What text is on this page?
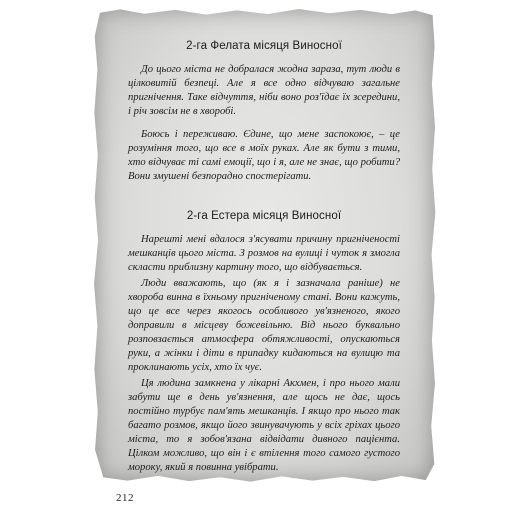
2-га Фелата місяця Виносної

До цього міста не добралася жодна зараза, тут люди в цілковитій безпеці. Але я все одно відчуваю загальне пригнічення. Таке відчуття, ніби воно роз'їдає їх зсередини, і річ зовсім не в хворобі.

Боюсь і переживаю. Єдине, що мене заспокоює, – це розуміння того, що все в моїх руках. Але як бути з тими, хто відчуває ті самі емоції, що і я, але не знає, що робити? Вони змушені безпорадно спостерігати.

2-га Естера місяця Виносної

Нарешті мені вдалося з'ясувати причину пригніченості мешканців цього міста. З розмов на вулиці і чуток я змогла скласти приблизну картину того, що відбувається.

Люди вважають, що (як я і зазначала раніше) не хвороба винна в їхньому пригніченому стані. Вони кажуть, що це все через якогось особливого ув'язненого, якого доправили в місцеву божевільню. Від нього буквально розповзається атмосфера обтяжливості, опускаються руки, а жінки і діти в припадку кидаються на вулицю та проклинають усіх, хто їх чує.

Ця людина замкнена у лікарні Акхмен, і про нього мали забути ще в день ув'язнення, але щось не дає, щось постійно турбує пам'ять мешканців. І якщо про нього так багато розмов, якщо його звинувачують у всіх гріхах цього міста, то я зобов'язана відвідати дивного пацієнта. Цілком можливо, що він і є втілення того самого густого мороку, який я повинна увібрати.

212
